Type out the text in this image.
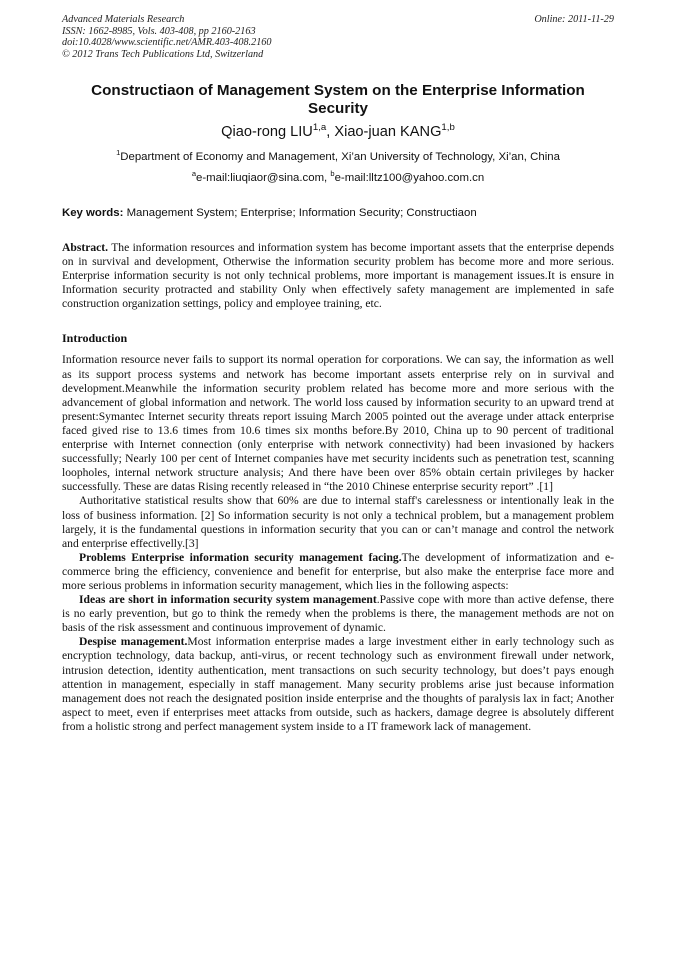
Advanced Materials Research
ISSN: 1662-8985, Vols. 403-408, pp 2160-2163
doi:10.4028/www.scientific.net/AMR.403-408.2160
© 2012 Trans Tech Publications Ltd, Switzerland
Online: 2011-11-29
Constructiaon of Management System on the Enterprise Information Security
Qiao-rong LIU$^{1,a}$, Xiao-juan KANG$^{1,b}$
$^1$Department of Economy and Management, Xi’an University of Technology, Xi’an, China
$^a$e-mail:liuqiaor@sina.com, $^b$e-mail:lltz100@yahoo.com.cn
Key words: Management System; Enterprise; Information Security; Constructiaon

Abstract. The information resources and information system has become important assets that the enterprise depends on in survival and development, Otherwise the information security problem has become more and more serious. Enterprise information security is not only technical problems, more important is management issues.It is ensure in Information security protracted and stability Only when effectively safety management are implemented in safe construction organization settings, policy and employee training, etc.

Introduction

Information resource never fails to support its normal operation for corporations. We can say, the information as well as its support process systems and network has become important assets enterprise rely on in survival and development.Meanwhile the information security problem related has become more and more serious with the advancement of global information and network. The world loss caused by information security to an upward trend at present:Symantec Internet security threats report issuing March 2005 pointed out the average under attack enterprise faced gived rise to 13.6 times from 10.6 times six months before.By 2010, China up to 90 percent of traditional enterprise with Internet connection (only enterprise with network connectivity) had been invasioned by hackers successfully; Nearly 100 per cent of Internet companies have met security incidents such as penetration test, scanning loopholes, internal network structure analysis; And there have been over 85% obtain certain privileges by hacker successfully. These are datas Rising recently released in “the 2010 Chinese enterprise security report” .[1]

Authoritative statistical results show that 60% are due to internal staff's carelessness or intentionally leak in the loss of business information. [2] So information security is not only a technical problem, but a management problem largely, it is the fundamental questions in information security that you can or can’t manage and control the network and enterprise effectivelly.[3]

Problems Enterprise information security management facing.The development of informatization and e-commerce bring the efficiency, convenience and benefit for enterprise, but also make the enterprise face more and more serious problems in information security management, which lies in the following aspects:

Ideas are short in information security system management.Passive cope with more than active defense, there is no early prevention, but go to think the remedy when the problems is there, the management methods are not on basis of the risk assessment and continuous improvement of dynamic.

Despise management.Most information enterprise mades a large investment either in early technology such as encryption technology, data backup, anti-virus, or recent technology such as environment firewall under network, intrusion detection, identity authentication, ment transactions on such security technology, but does’t pays enough attention in management, especially in staff management. Many security problems arise just because information management does not reach the designated position inside enterprise and the thoughts of paralysis lax in fact; Another aspect to meet, even if enterprises meet attacks from outside, such as hackers, damage degree is absolutely different from a holistic strong and perfect management system inside to a IT framework lack of management.
